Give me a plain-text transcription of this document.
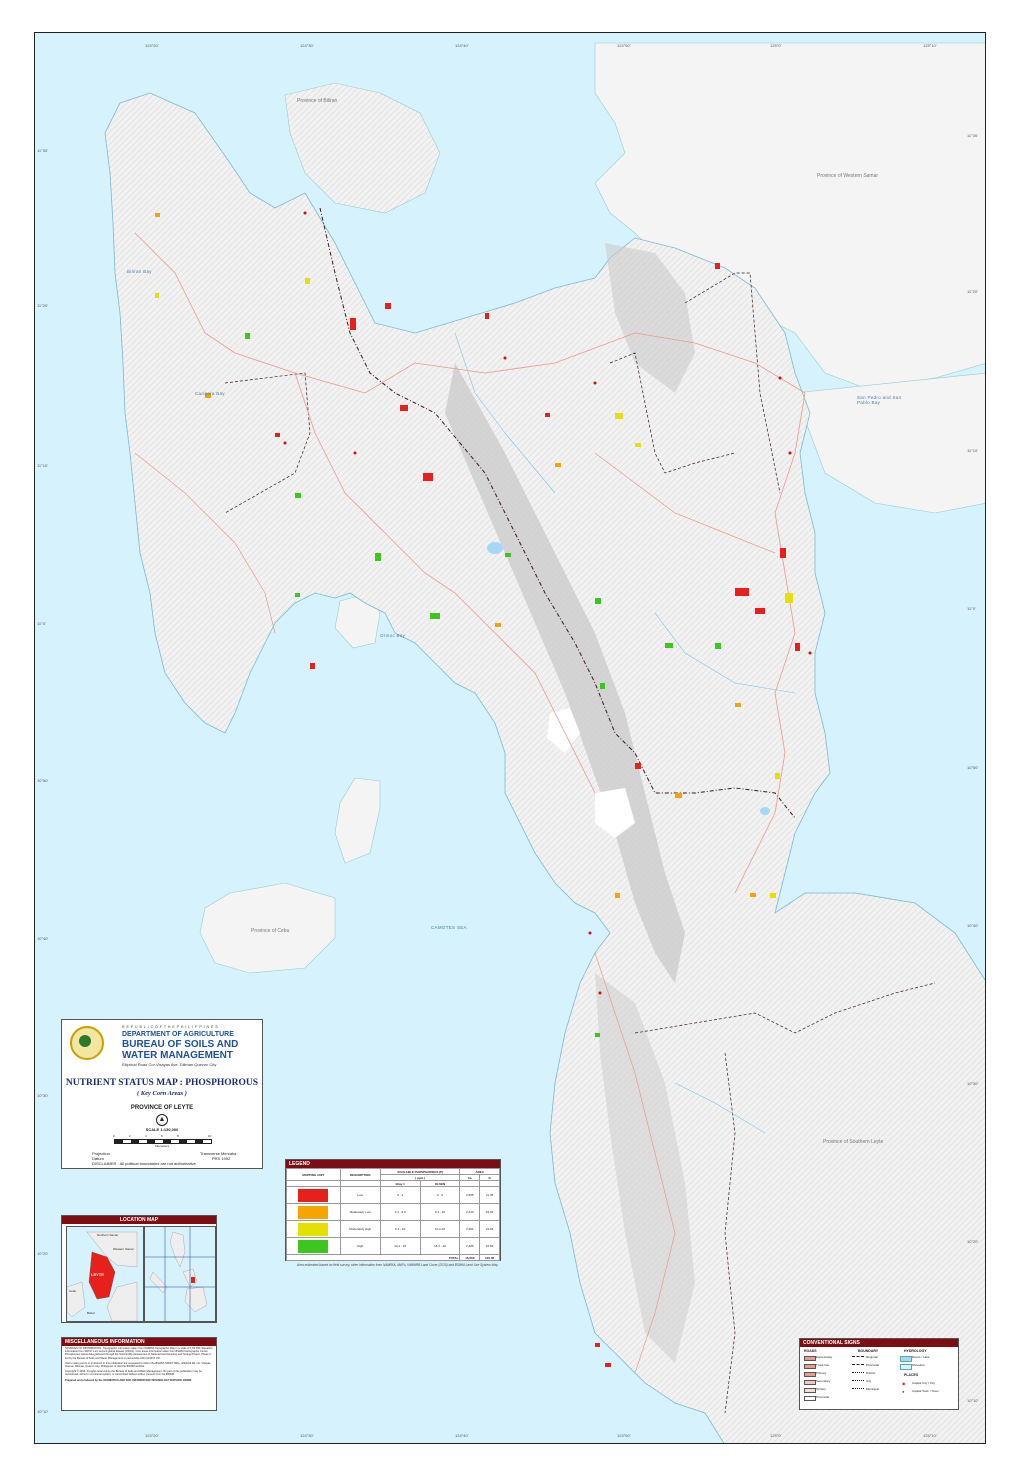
124°20'	124°30'	124°40'	124°50'	125°0'	125°10'
124°20'	124°30'	124°40'	124°50'	125°0'	125°10'
11°30'
11°20'
11°10'
11°0'
10°50'
10°40'
10°30'
10°20'
10°10'
11°30'
11°20'
11°10'
11°0'
10°50'
10°40'
10°30'
10°20'
10°10'
Biliran Bay
Carigara Bay
San Pedro and San Pablo Bay
Ormoc Bay
CAMOTES SEA
Province of Biliran
Province of Western Samar
Province of Cebu
Province of Southern Leyte
R E P U B L I C O F T H E P H I L I P P I N E S
DEPARTMENT OF AGRICULTURE
BUREAU OF SOILS AND
WATER MANAGEMENT
Elliptical Road Cor Visayas Ave. Diliman Quezon City
NUTRIENT STATUS MAP : PHOSPHOROUS
( Key Corn Areas )
PROVINCE OF LEYTE
▲
SCALE 1:130,000
0	2	4	6	8	10
Kilometers
Projection	Transverse Mercator
Datum	PRS 1992
DISCLAIMER : All political boundaries are not authoritative	LEGEND
MAPPING UNIT	DESCRIPTION	AVAILABLE PHOSPHOROUS (P)		AREA	
		( ppm )		ha	%
		Bray 1	OLSEN		

	Low	0 - 3	0 - 6	3,355	21.35

	Moderately Low	3.1 - 6.0	6.1 - 10	2,413	15.52

	Moderately High	6.1 - 10	10.1-15	3,381	21.69

	High	10.1 - 15	15.1 - 20	2,485	16.52
TOTAL				15,600	100.00
Area estimated based on field survey, other information from NAMRIA, MAFs, NIMMRB Land Cover (2010) and BSWM Land Use System Map
LOCATION MAP
Northern Samar
Western Samar
LEYTE
Cebu
Bohol
MISCELLANEOUS INFORMATION
SOURCES OF INFORMATION : Topographic information taken from NAMRIA Topographic Map in a scale of 1:50,000; Elevation information from SRTM 1 arc second global dataset (USGS). Corn areas information taken from BSWM Cartographic Center. Phosphorous status data gathered through the Soil Fertility Assessment of National Soil Sampling and Testing Project. Phase II, led by the Bureau of Soils and Water Management in partnership with DA RFO VIII.
Users noting errors or omissions in this publication are requested to inform the BSWM, SWGIT Bldg., Elliptical Rd. cor. Visayas Avenue, Diliman, Quezon City, Philippines or visit the BSWM website.
Copyright © 2016. All rights reserved by the Bureau of Soils and Water Management. No part of this publication may be reproduced, stored in a retrieval system, or transmitted without written consent from the BSWM.
Prepared and produced by the GEOMATICS AND SOIL INFORMATION TECHNOLOGY DIVISION, BSWM
CONVENTIONAL SIGNS
ROADS	BOUNDARY	HYDROLOGY
Expressway
Trunk line
Primary
Secondary
Tertiary
Provincial
Regional
Provincial
District
City
Municipal
Rivers / Lake
Shoreline
PLACES
◉ Capital City / City
●	Capital Town / Town
